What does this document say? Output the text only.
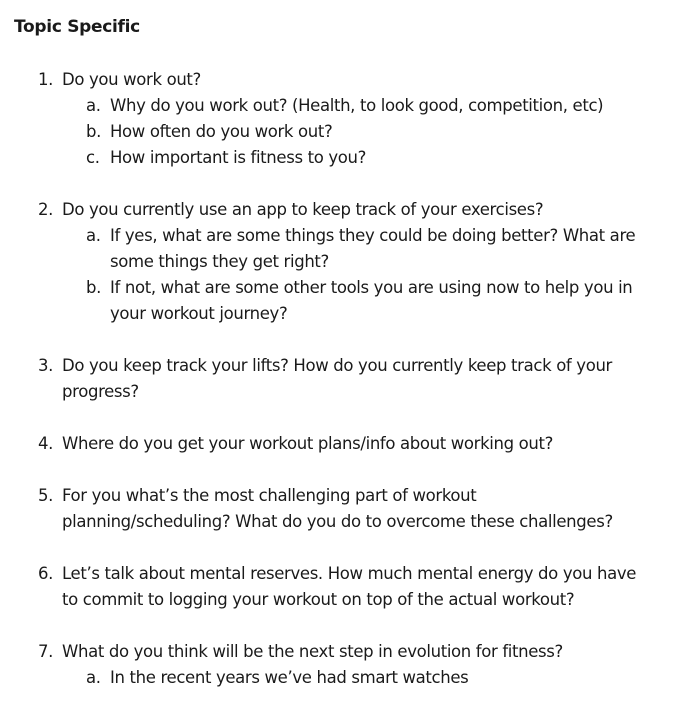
Topic Specific
1. Do you work out?
a. Why do you work out? (Health, to look good, competition, etc)
b. How often do you work out?
c. How important is fitness to you?
2. Do you currently use an app to keep track of your exercises?
a. If yes, what are some things they could be doing better? What are
some things they get right?
b. If not, what are some other tools you are using now to help you in
your workout journey?
3. Do you keep track your lifts? How do you currently keep track of your
progress?
4. Where do you get your workout plans/info about working out?
5. For you what’s the most challenging part of workout
planning/scheduling? What do you do to overcome these challenges?
6. Let’s talk about mental reserves. How much mental energy do you have
to commit to logging your workout on top of the actual workout?
7. What do you think will be the next step in evolution for fitness?
a. In the recent years we’ve had smart watches
